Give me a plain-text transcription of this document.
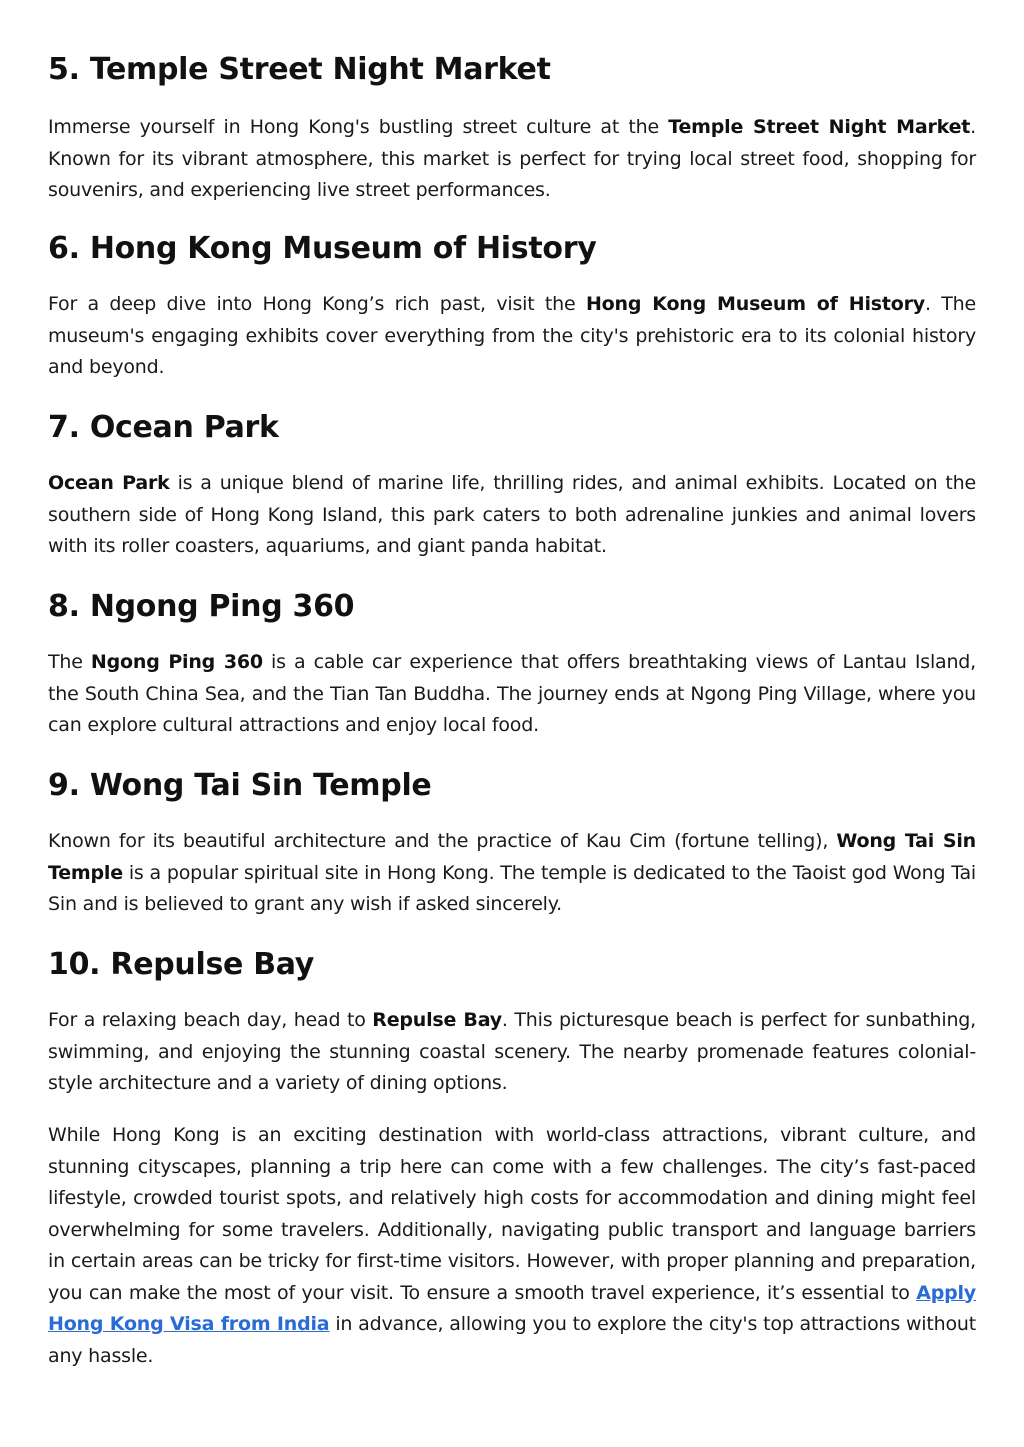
5. Temple Street Night Market

Immerse yourself in Hong Kong's bustling street culture at the Temple Street Night Market. Known for its vibrant atmosphere, this market is perfect for trying local street food, shopping for souvenirs, and experiencing live street performances.

6. Hong Kong Museum of History

For a deep dive into Hong Kong’s rich past, visit the Hong Kong Museum of History. The museum's engaging exhibits cover everything from the city's prehistoric era to its colonial history and beyond.

7. Ocean Park

Ocean Park is a unique blend of marine life, thrilling rides, and animal exhibits. Located on the southern side of Hong Kong Island, this park caters to both adrenaline junkies and animal lovers with its roller coasters, aquariums, and giant panda habitat.

8. Ngong Ping 360

The Ngong Ping 360 is a cable car experience that offers breathtaking views of Lantau Island, the South China Sea, and the Tian Tan Buddha. The journey ends at Ngong Ping Village, where you can explore cultural attractions and enjoy local food.

9. Wong Tai Sin Temple

Known for its beautiful architecture and the practice of Kau Cim (fortune telling), Wong Tai Sin Temple is a popular spiritual site in Hong Kong. The temple is dedicated to the Taoist god Wong Tai Sin and is believed to grant any wish if asked sincerely.

10. Repulse Bay

For a relaxing beach day, head to Repulse Bay. This picturesque beach is perfect for sunbathing, swimming, and enjoying the stunning coastal scenery. The nearby promenade features colonial-style architecture and a variety of dining options.

While Hong Kong is an exciting destination with world-class attractions, vibrant culture, and stunning cityscapes, planning a trip here can come with a few challenges. The city’s fast-paced lifestyle, crowded tourist spots, and relatively high costs for accommodation and dining might feel overwhelming for some travelers. Additionally, navigating public transport and language barriers in certain areas can be tricky for first-time visitors. However, with proper planning and preparation, you can make the most of your visit. To ensure a smooth travel experience, it’s essential to Apply Hong Kong Visa from India in advance, allowing you to explore the city's top attractions without any hassle.
